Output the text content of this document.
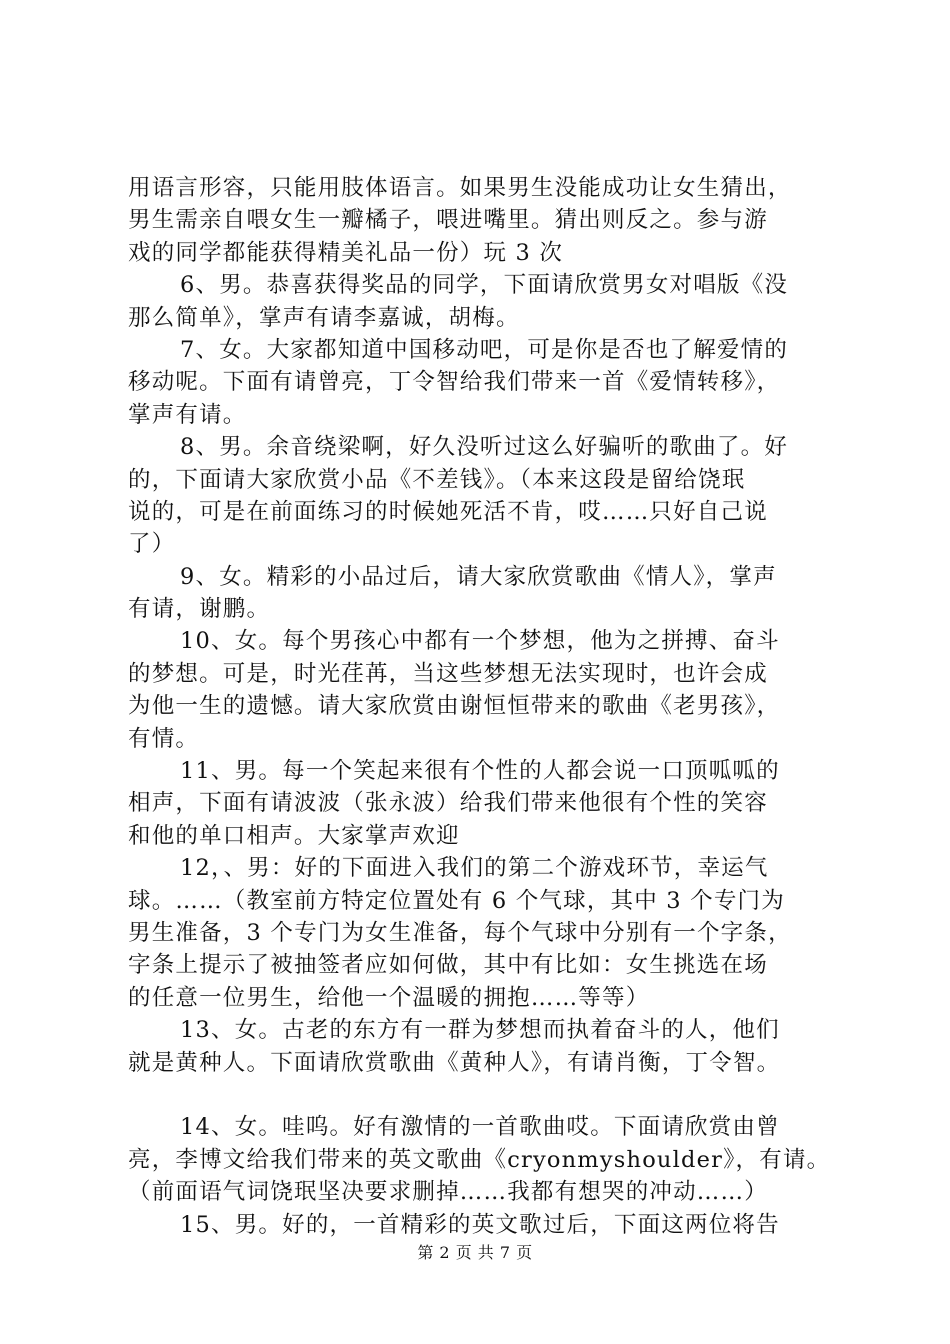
用语言形容，只能用肢体语言。如果男生没能成功让女生猜出，
男生需亲自喂女生一瓣橘子，喂进嘴里。猜出则反之。参与游
戏的同学都能获得精美礼品一份）玩 3 次
6、男。恭喜获得奖品的同学，下面请欣赏男女对唱版《没
那么简单》，掌声有请李嘉诚，胡梅。
7、女。大家都知道中国移动吧，可是你是否也了解爱情的
移动呢。下面有请曾亮，丁令智给我们带来一首《爱情转移》，
掌声有请。
8、男。余音绕梁啊，好久没听过这么好骗听的歌曲了。好
的，下面请大家欣赏小品《不差钱》。（本来这段是留给饶珉
说的，可是在前面练习的时候她死活不肯，哎……只好自己说
了）
9、女。精彩的小品过后，请大家欣赏歌曲《情人》，掌声
有请，谢鹏。
10、女。每个男孩心中都有一个梦想，他为之拼搏、奋斗
的梦想。可是，时光荏苒，当这些梦想无法实现时，也许会成
为他一生的遗憾。请大家欣赏由谢恒恒带来的歌曲《老男孩》，
有情。
11、男。每一个笑起来很有个性的人都会说一口顶呱呱的
相声，下面有请波波（张永波）给我们带来他很有个性的笑容
和他的单口相声。大家掌声欢迎
12，、男：好的下面进入我们的第二个游戏环节，幸运气
球。……（教室前方特定位置处有 6 个气球，其中 3 个专门为
男生准备，3 个专门为女生准备，每个气球中分别有一个字条，
字条上提示了被抽签者应如何做，其中有比如：女生挑选在场
的任意一位男生，给他一个温暖的拥抱……等等）
13、女。古老的东方有一群为梦想而执着奋斗的人，他们
就是黄种人。下面请欣赏歌曲《黄种人》，有请肖衡，丁令智。
14、女。哇呜。好有激情的一首歌曲哎。下面请欣赏由曾
亮，李博文给我们带来的英文歌曲《cryonmyshoulder》，有请。
（前面语气词饶珉坚决要求删掉……我都有想哭的冲动……）
15、男。好的，一首精彩的英文歌过后，下面这两位将告
第 2 页 共 7 页
